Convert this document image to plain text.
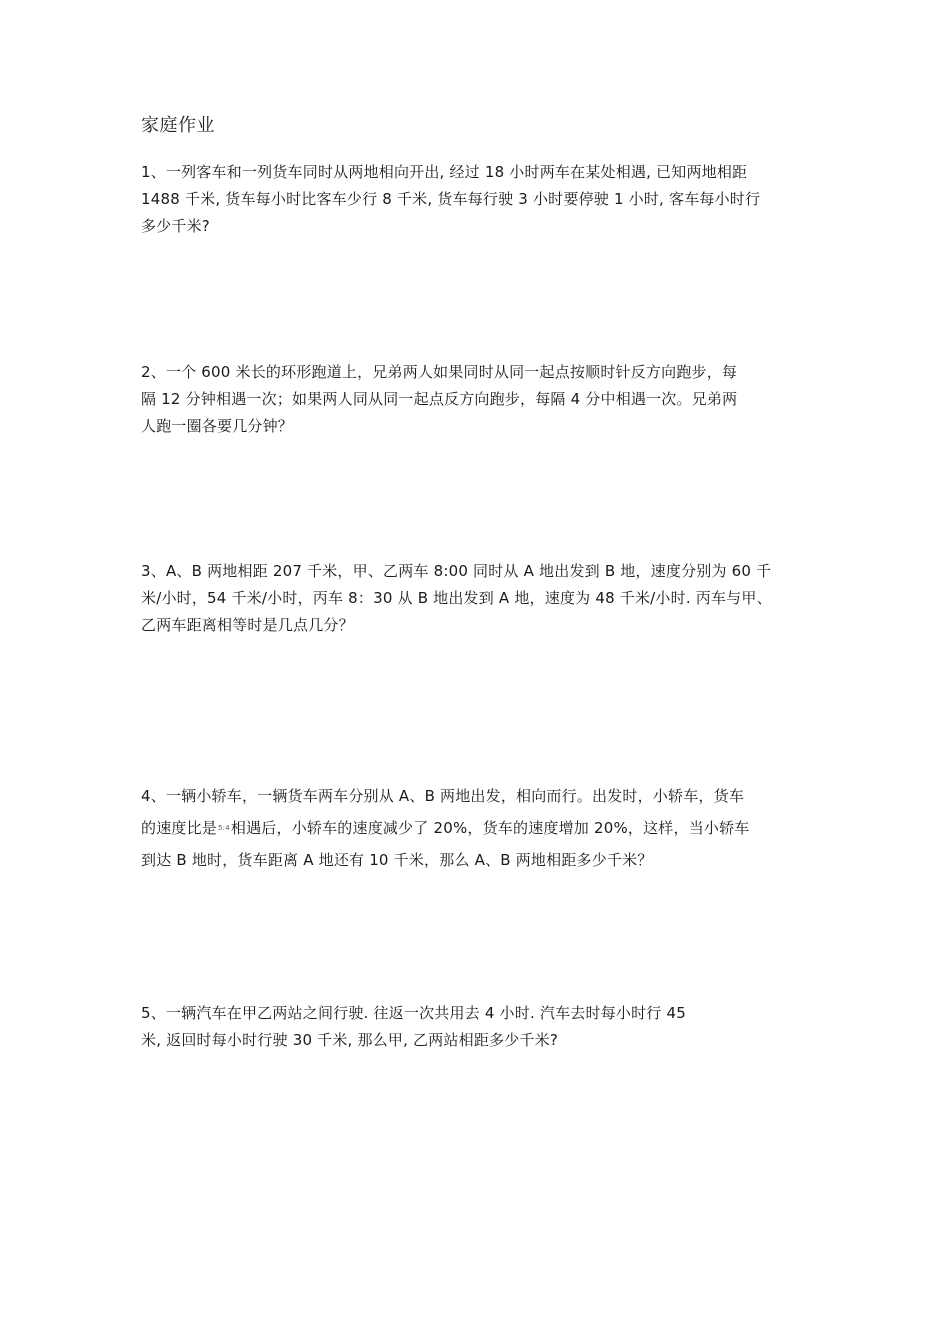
家庭作业
1、一列客车和一列货车同时从两地相向开出, 经过 18 小时两车在某处相遇, 已知两地相距
1488 千米, 货车每小时比客车少行 8 千米, 货车每行驶 3 小时要停驶 1 小时, 客车每小时行
多少千米?
2、一个 600 米长的环形跑道上，兄弟两人如果同时从同一起点按顺时针反方向跑步，每
隔 12 分钟相遇一次；如果两人同从同一起点反方向跑步，每隔 4 分中相遇一次。兄弟两
人跑一圈各要几分钟？
3、A、B 两地相距 207 千米，甲、乙两车 8:00 同时从 A 地出发到 B 地，速度分别为 60 千
米/小时，54 千米/小时，丙车 8：30 从 B 地出发到 A 地，速度为 48 千米/小时. 丙车与甲、
乙两车距离相等时是几点几分？
4、一辆小轿车，一辆货车两车分别从 A、B 两地出发，相向而行。出发时，小轿车，货车
的速度比是$^{5:4}$相遇后，小轿车的速度减少了 20%，货车的速度增加 20%，这样，当小轿车
到达 B 地时，货车距离 A 地还有 10 千米，那么 A、B 两地相距多少千米？
5、一辆汽车在甲乙两站之间行驶. 往返一次共用去 4 小时. 汽车去时每小时行 45
米, 返回时每小时行驶 30 千米, 那么甲, 乙两站相距多少千米?
